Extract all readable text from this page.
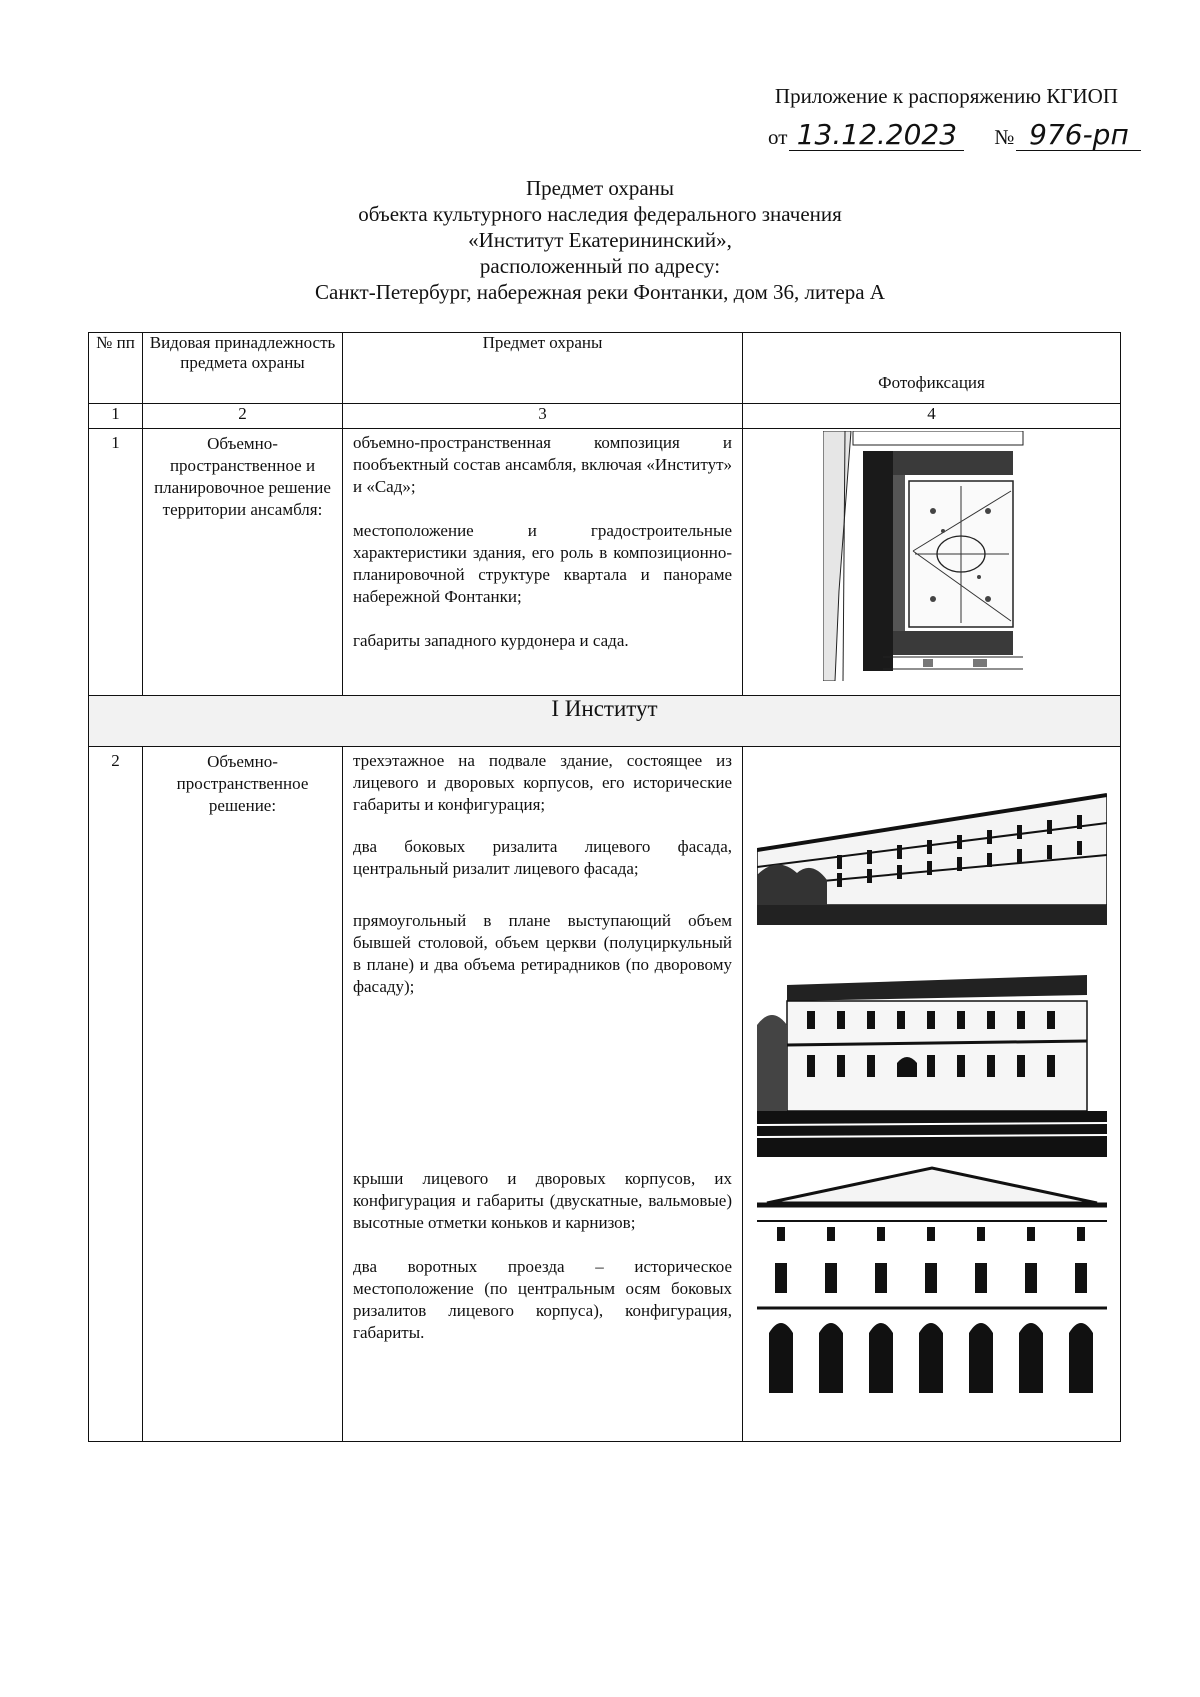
Приложение к распоряжению КГИОП
от 13.12.2023 № 976-рп
Предмет охраны
объекта культурного наследия федерального значения
«Институт Екатерининский»,
расположенный по адресу:
Санкт-Петербург, набережная реки Фонтанки, дом 36, литера А
№ пп	Видовая принадлежность предмета охраны	Предмет охраны	Фотофиксация
1	2	3	4
1	Объемно-пространственное и планировочное решение территории ансамбля:	объемно-пространственная композиция и пообъектный состав ансамбля, включая «Институт» и «Сад»;

местоположение и градостроительные характеристики здания, его роль в композиционно-планировочной структуре квартала и панораме набережной Фонтанки;

габариты западного курдонера и сада.

I Институт			
2	Объемно-пространственное решение:	трехэтажное на подвале здание, состоящее из лицевого и дворовых корпусов, его исторические габариты и конфигурация;

два боковых ризалита лицевого фасада, центральный ризалит лицевого фасада;

прямоугольный в плане выступающий объем бывшей столовой, объем церкви (полуциркульный в плане) и два объема ретирадников (по дворовому фасаду);

крыши лицевого и дворовых корпусов, их конфигурация и габариты (двускатные, вальмовые) высотные отметки коньков и карнизов;

два воротных проезда – историческое местоположение (по центральным осям боковых ризалитов лицевого корпуса), конфигурация, габариты.
